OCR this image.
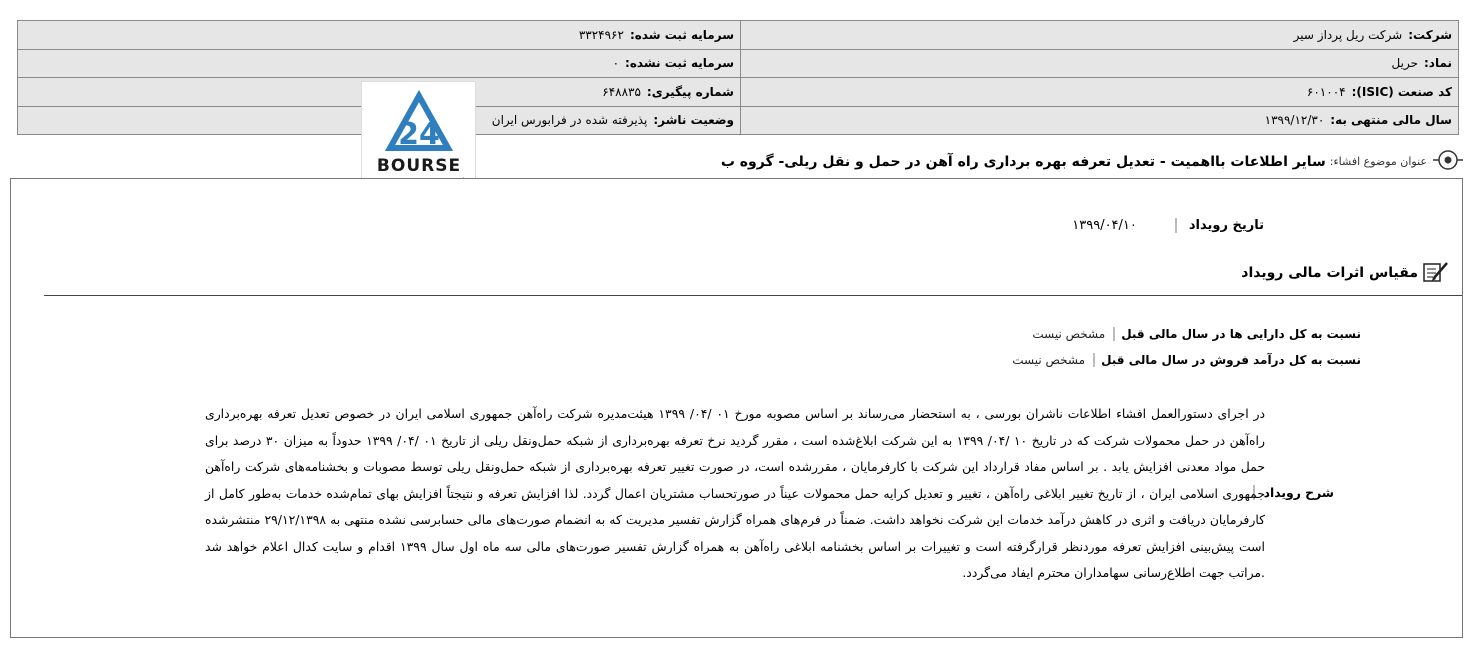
شرکت:شرکت ریل پرداز سیر	سرمایه ثبت شده:۳۳۲۴۹۶۲
نماد:حریل	سرمایه ثبت نشده:۰
کد صنعت (ISIC):۶۰۱۰۰۴	شماره پیگیری:۶۴۸۸۳۵
سال مالی منتهی به:۱۳۹۹/۱۲/۳۰	وضعیت ناشر:پذیرفته شده در فرابورس ایران
24
BOURSE	عنوان موضوع افشاء:
سایر اطلاعات بااهمیت - تعدیل تعرفه بهره برداری راه آهن در حمل و نقل ریلی- گروه ب
تاریخ رویداد
۱۳۹۹/۰۴/۱۰
مقیاس اثرات مالی رویداد
نسبت به کل دارایی ها در سال مالی قبل
مشخص نیست
نسبت به کل درآمد فروش در سال مالی قبل
مشخص نیست
شرح رویداد

در اجرای دستورالعمل افشاء اطلاعات ناشران بورسی ، به استحضار می‌رساند بر اساس مصوبه مورخ ۰۱ /۰۴/ ۱۳۹۹ هیئت‌مدیره شرکت راه‌آهن جمهوری اسلامی ایران در خصوص تعدیل تعرفه بهره‌برداری راه‌آهن در حمل محمولات شرکت که در تاریخ ۱۰ /۰۴/ ۱۳۹۹ به این شرکت ابلاغ‌شده است ، مقرر گردید نرخ تعرفه بهره‌برداری از شبکه حمل‌ونقل ریلی از تاریخ ۰۱ /۰۴/ ۱۳۹۹ حدوداً به میزان ۳۰ درصد برای حمل مواد معدنی افزایش یابد . بر اساس مفاد قرارداد این شرکت با کارفرمایان ، مقررشده است، در صورت تغییر تعرفه بهره‌برداری از شبکه حمل‌ونقل ریلی توسط مصوبات و بخشنامه‌های شرکت راه‌آهن جمهوری اسلامی ایران ، از تاریخ تغییر ابلاغی راه‌آهن ، تغییر و تعدیل کرایه حمل محمولات عیناً در صورتحساب مشتریان اعمال گردد. لذا افزایش تعرفه و نتیجتاً افزایش بهای تمام‌شده خدمات به‌طور کامل از کارفرمایان دریافت و اثری در کاهش درآمد خدمات این شرکت نخواهد داشت. ضمناً در فرم‌های همراه گزارش تفسیر مدیریت که به انضمام صورت‌های مالی حسابرسی نشده منتهی به ۲۹/۱۲/۱۳۹۸ منتشرشده است پیش‌بینی افزایش تعرفه موردنظر قرارگرفته است و تغییرات بر اساس بخشنامه ابلاغی راه‌آهن به همراه گزارش تفسیر صورت‌های مالی سه ماه اول سال ۱۳۹۹ اقدام و سایت کدال اعلام خواهد شد .مراتب جهت اطلاع‌رسانی سهامداران محترم ایفاد می‌گردد.
